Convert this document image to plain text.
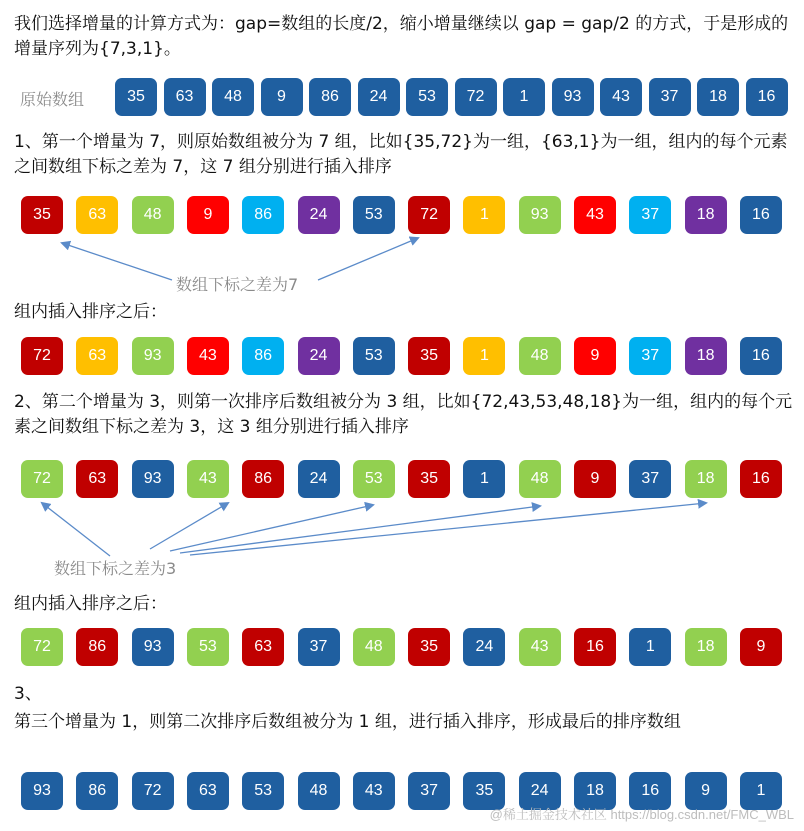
我们选择增量的计算方式为：gap=数组的长度/2，缩小增量继续以 gap = gap/2 的方式，于是形成的增量序列为{7,3,1}。

原始数组	35	63	48	9	86	24	53	72	1	93	43	37	18	16

1、第一个增量为 7，则原始数组被分为 7 组，比如{35,72}为一组，{63,1}为一组，组内的每个元素之间数组下标之差为 7，这 7 组分别进行插入排序

35	63	48	9	86	24	53	72	1	93	43	37	18	16
数组下标之差为7

组内插入排序之后：

72	63	93	43	86	24	53	35	1	48	9	37	18	16

2、第二个增量为 3，则第一次排序后数组被分为 3 组，比如{72,43,53,48,18}为一组，组内的每个元素之间数组下标之差为 3，这 3 组分别进行插入排序

72	63	93	43	86	24	53	35	1	48	9	37	18	16
数组下标之差为3

组内插入排序之后：

72	86	93	53	63	37	48	35	24	43	16	1	18	9

3、

第三个增量为 1，则第二次排序后数组被分为 1 组，进行插入排序，形成最后的排序数组

93	86	72	63	53	48	43	37	35	24	18	16	9	1
@稀土掘金技术社区 https://blog.csdn.net/FMC_WBL
